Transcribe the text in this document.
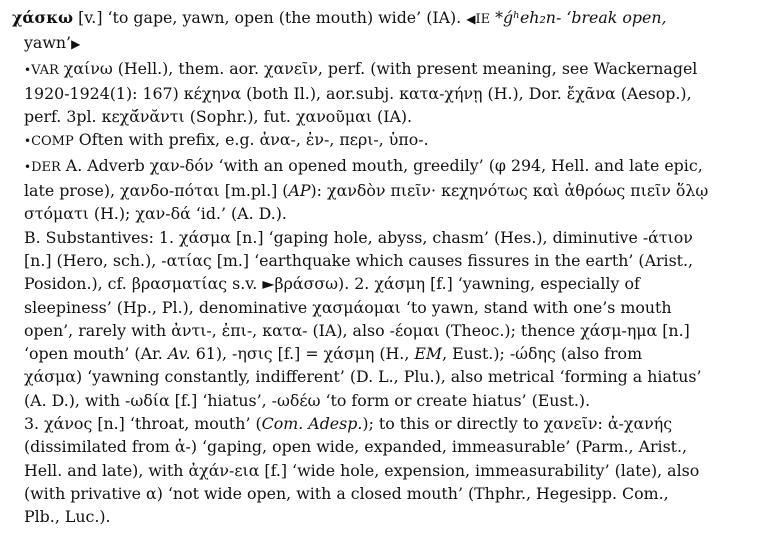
χάσκω [v.] ‘to gape, yawn, open (the mouth) wide’ (IA). ◀IE *ǵʰeh₂n- ‘break open,
yawn’▶
•VAR χαίνω (Hell.), them. aor. χανεῖν, perf. (with present meaning, see Wackernagel
1920-1924(1): 167) κέχηνα (both Il.), aor.subj. κατα-χήνῃ (H.), Dor. ἔχᾶνα (Aesop.),
perf. 3pl. κεχᾰ́νᾰντι (Sophr.), fut. χανοῦμαι (IA).
•COMP Often with prefix, e.g. ἀνα-, ἐν-, περι-, ὑπο-.
•DER A. Adverb χαν-δόν ‘with an opened mouth, greedily’ (φ 294, Hell. and late epic,
late prose), χανδο-πόται [m.pl.] (AP): χανδὸν πιεῖν· κεχηνότως καὶ ἀθρόως πιεῖν ὅλῳ
στόματι (H.); χαν-δά ‘id.’ (A. D.).
B. Substantives: 1. χάσμα [n.] ‘gaping hole, abyss, chasm’ (Hes.), diminutive -άτιον
[n.] (Hero, sch.), -ατίας [m.] ‘earthquake which causes fissures in the earth’ (Arist.,
Posidon.), cf. βρασματίας s.v. ►βράσσω). 2. χάσμη [f.] ‘yawning, especially of
sleepiness’ (Hp., Pl.), denominative χασμάομαι ‘to yawn, stand with one’s mouth
open’, rarely with ἀντι-, ἐπι-, κατα- (IA), also -έομαι (Theoc.); thence χάσμ-ημα [n.]
‘open mouth’ (Ar. Av. 61), -ησις [f.] = χάσμη (H., EM, Eust.); -ώδης (also from
χάσμα) ‘yawning constantly, indifferent’ (D. L., Plu.), also metrical ‘forming a hiatus’
(A. D.), with -ωδία [f.] ‘hiatus’, -ωδέω ‘to form or create hiatus’ (Eust.).
3. χάνος [n.] ‘throat, mouth’ (Com. Adesp.); to this or directly to χανεῖν: ἀ-χανής
(dissimilated from ἁ-) ‘gaping, open wide, expanded, immeasurable’ (Parm., Arist.,
Hell. and late), with ἀχάν-εια [f.] ‘wide hole, expension, immeasurability’ (late), also
(with privative α) ‘not wide open, with a closed mouth’ (Thphr., Hegesipp. Com.,
Plb., Luc.).
